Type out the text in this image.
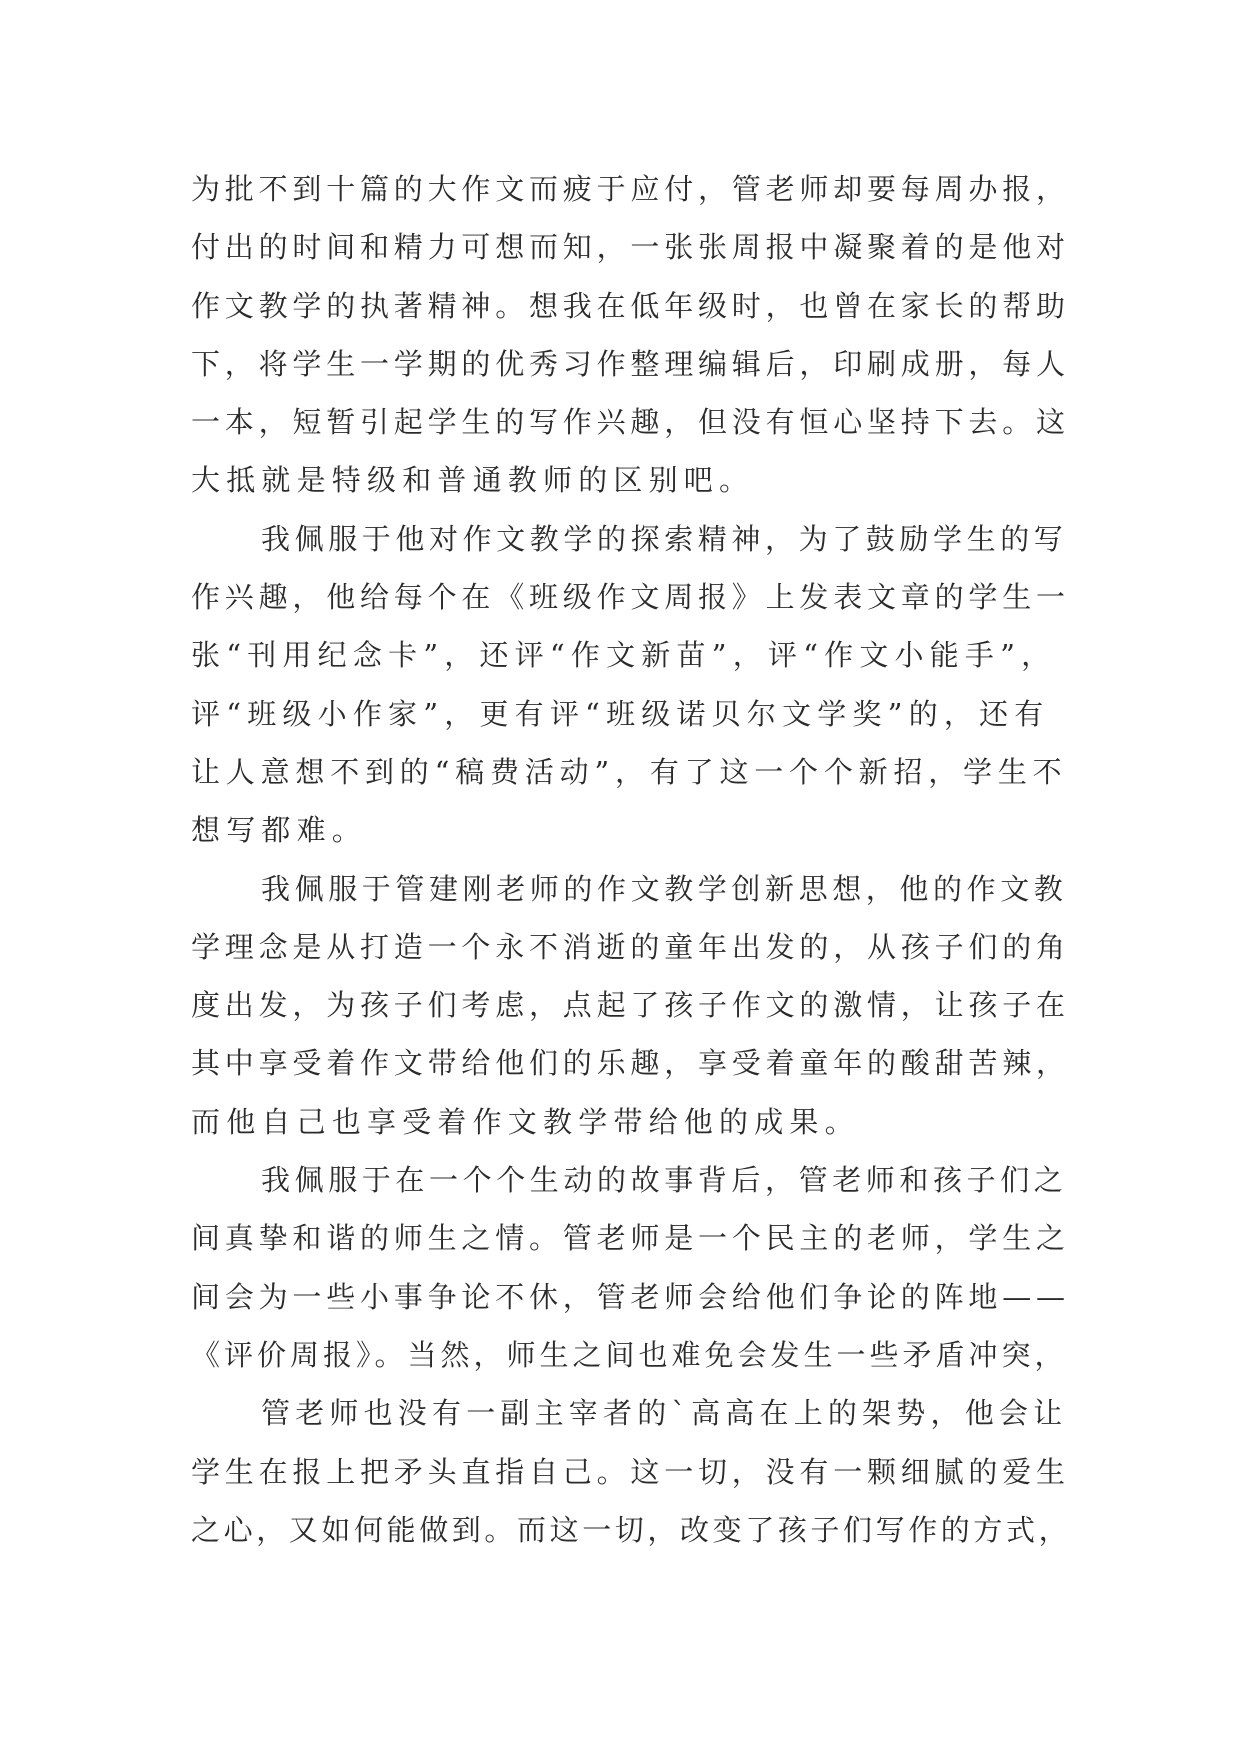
为批不到十篇的大作文而疲于应付，管老师却要每周办报，
付出的时间和精力可想而知，一张张周报中凝聚着的是他对
作文教学的执著精神。想我在低年级时，也曾在家长的帮助
下，将学生一学期的优秀习作整理编辑后，印刷成册，每人
一本，短暂引起学生的写作兴趣，但没有恒心坚持下去。这
大抵就是特级和普通教师的区别吧。
我佩服于他对作文教学的探索精神，为了鼓励学生的写
作兴趣，他给每个在《班级作文周报》上发表文章的学生一
张“刊用纪念卡”，还评“作文新苗”，评“作文小能手”，
评“班级小作家”，更有评“班级诺贝尔文学奖”的，还有
让人意想不到的“稿费活动”，有了这一个个新招，学生不
想写都难。
我佩服于管建刚老师的作文教学创新思想，他的作文教
学理念是从打造一个永不消逝的童年出发的，从孩子们的角
度出发，为孩子们考虑，点起了孩子作文的激情，让孩子在
其中享受着作文带给他们的乐趣，享受着童年的酸甜苦辣，
而他自己也享受着作文教学带给他的成果。
我佩服于在一个个生动的故事背后，管老师和孩子们之
间真挚和谐的师生之情。管老师是一个民主的老师，学生之
间会为一些小事争论不休，管老师会给他们争论的阵地——
《评价周报》。当然，师生之间也难免会发生一些矛盾冲突，
管老师也没有一副主宰者的`高高在上的架势，他会让
学生在报上把矛头直指自己。这一切，没有一颗细腻的爱生
之心，又如何能做到。而这一切，改变了孩子们写作的方式，
